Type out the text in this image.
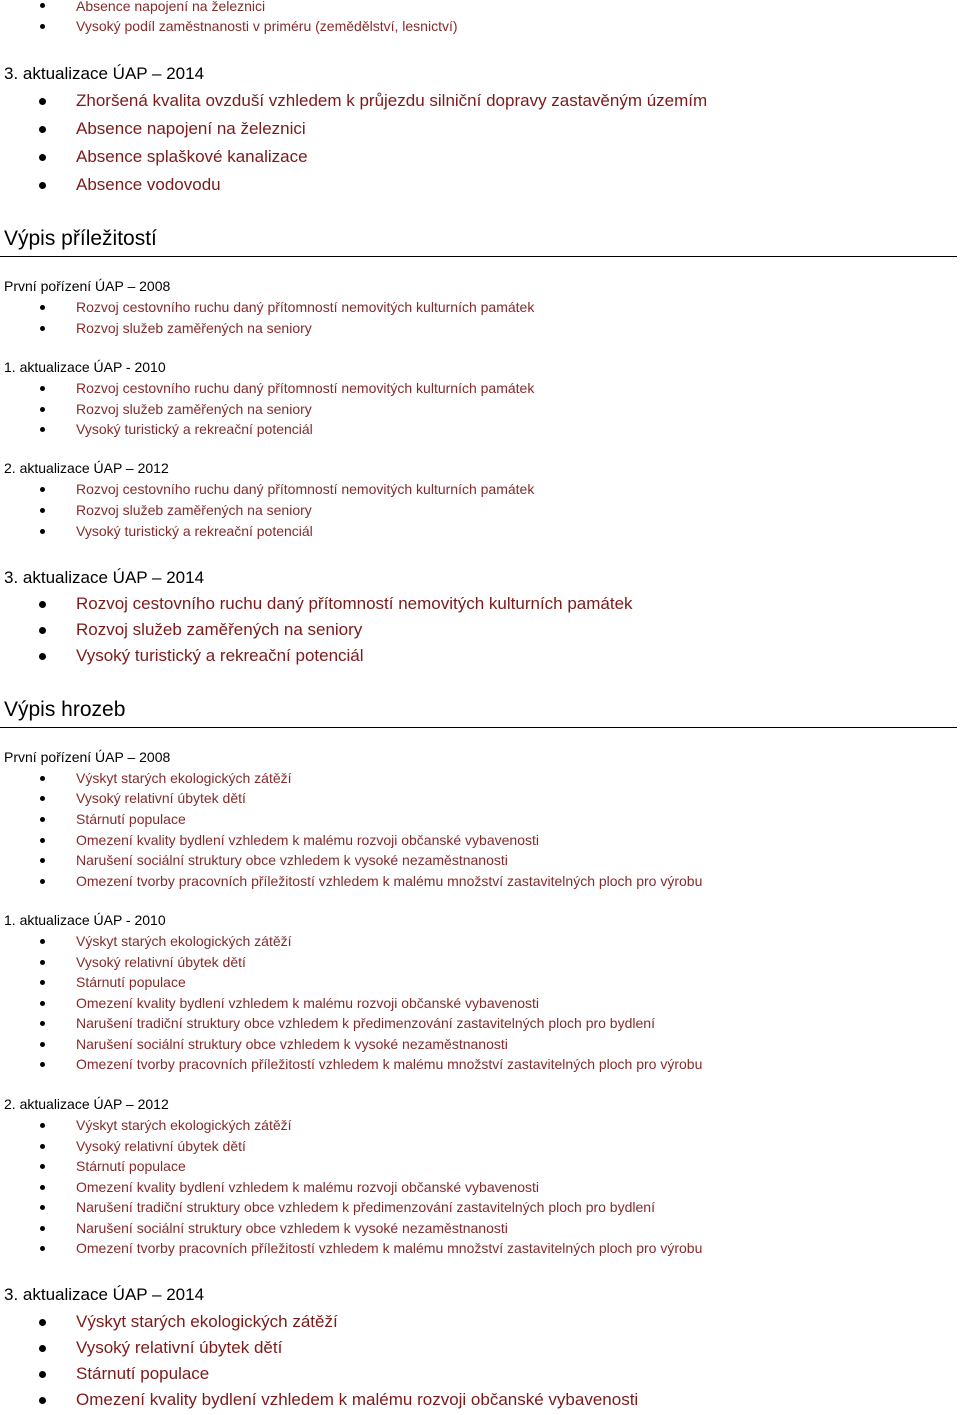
Absence napojení na železnici
Vysoký podíl zaměstnanosti v priméru (zemědělství, lesnictví)
3. aktualizace ÚAP – 2014
Zhoršená kvalita ovzduší vzhledem k průjezdu silniční dopravy zastavěným územím
Absence napojení na železnici
Absence splaškové kanalizace
Absence vodovodu
Výpis příležitostí
První pořízení ÚAP – 2008
Rozvoj cestovního ruchu daný přítomností nemovitých kulturních památek
Rozvoj služeb zaměřených na seniory
1. aktualizace ÚAP - 2010
Rozvoj cestovního ruchu daný přítomností nemovitých kulturních památek
Rozvoj služeb zaměřených na seniory
Vysoký turistický a rekreační potenciál
2. aktualizace ÚAP – 2012
Rozvoj cestovního ruchu daný přítomností nemovitých kulturních památek
Rozvoj služeb zaměřených na seniory
Vysoký turistický a rekreační potenciál
3. aktualizace ÚAP – 2014
Rozvoj cestovního ruchu daný přítomností nemovitých kulturních památek
Rozvoj služeb zaměřených na seniory
Vysoký turistický a rekreační potenciál
Výpis hrozeb
První pořízení ÚAP – 2008
Výskyt starých ekologických zátěží
Vysoký relativní úbytek dětí
Stárnutí populace
Omezení kvality bydlení vzhledem k malému rozvoji občanské vybavenosti
Narušení sociální struktury obce vzhledem k vysoké nezaměstnanosti
Omezení tvorby pracovních příležitostí vzhledem k malému množství zastavitelných ploch pro výrobu
1. aktualizace ÚAP - 2010
Výskyt starých ekologických zátěží
Vysoký relativní úbytek dětí
Stárnutí populace
Omezení kvality bydlení vzhledem k malému rozvoji občanské vybavenosti
Narušení tradiční struktury obce vzhledem k předimenzování zastavitelných ploch pro bydlení
Narušení sociální struktury obce vzhledem k vysoké nezaměstnanosti
Omezení tvorby pracovních příležitostí vzhledem k malému množství zastavitelných ploch pro výrobu
2. aktualizace ÚAP – 2012
Výskyt starých ekologických zátěží
Vysoký relativní úbytek dětí
Stárnutí populace
Omezení kvality bydlení vzhledem k malému rozvoji občanské vybavenosti
Narušení tradiční struktury obce vzhledem k předimenzování zastavitelných ploch pro bydlení
Narušení sociální struktury obce vzhledem k vysoké nezaměstnanosti
Omezení tvorby pracovních příležitostí vzhledem k malému množství zastavitelných ploch pro výrobu
3. aktualizace ÚAP – 2014
Výskyt starých ekologických zátěží
Vysoký relativní úbytek dětí
Stárnutí populace
Omezení kvality bydlení vzhledem k malému rozvoji občanské vybavenosti
